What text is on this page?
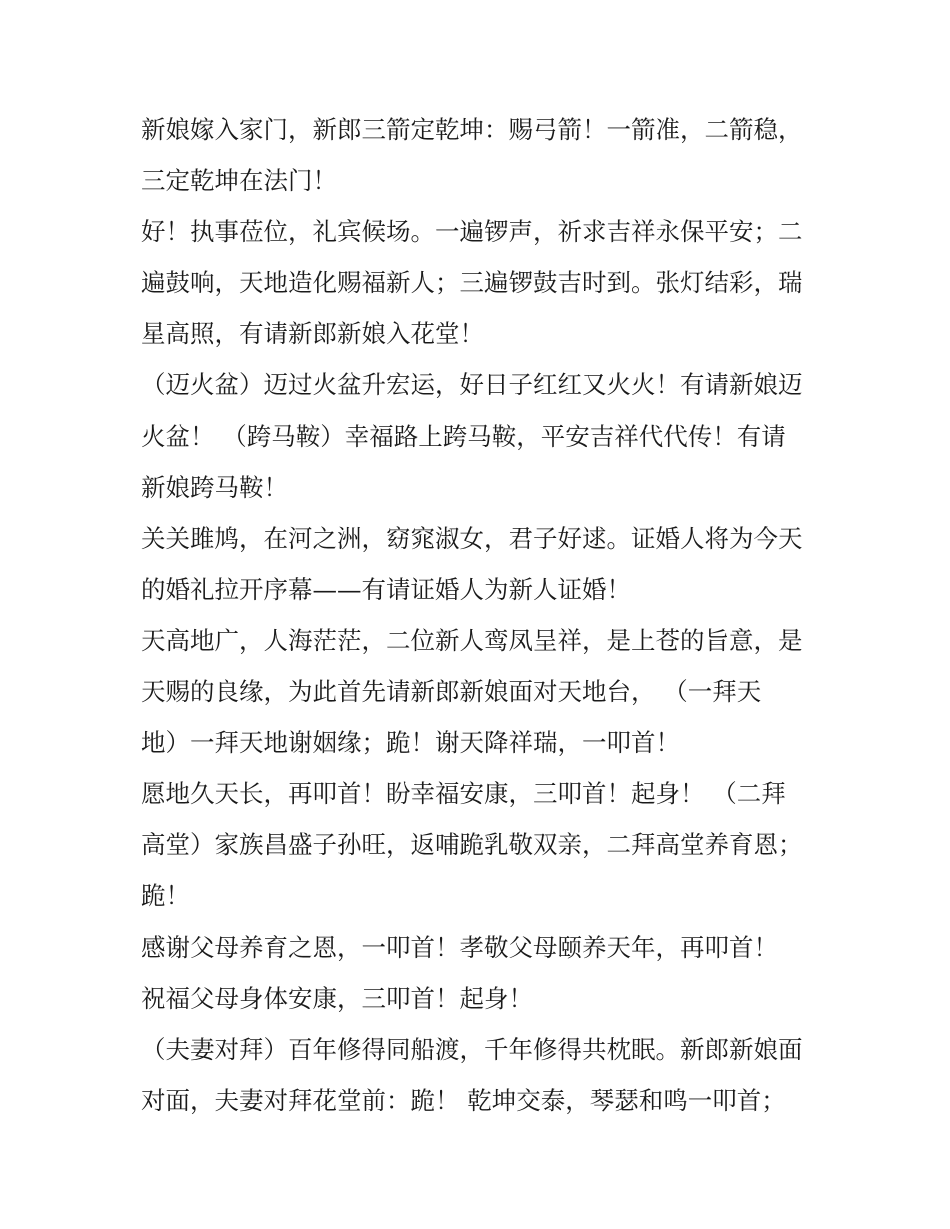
新娘嫁入家门，新郎三箭定乾坤：赐弓箭！一箭准，二箭稳，
三定乾坤在法门！
好！执事莅位，礼宾候场。一遍锣声，祈求吉祥永保平安；二
遍鼓响，天地造化赐福新人；三遍锣鼓吉时到。张灯结彩，瑞
星高照，有请新郎新娘入花堂！
（迈火盆）迈过火盆升宏运，好日子红红又火火！有请新娘迈
火盆！ （跨马鞍）幸福路上跨马鞍，平安吉祥代代传！有请
新娘跨马鞍！
关关雎鸠，在河之洲，窈窕淑女，君子好逑。证婚人将为今天
的婚礼拉开序幕——有请证婚人为新人证婚！
天高地广，人海茫茫，二位新人鸾凤呈祥，是上苍的旨意，是
天赐的良缘，为此首先请新郎新娘面对天地台， （一拜天
地）一拜天地谢姻缘；跪！谢天降祥瑞，一叩首！
愿地久天长，再叩首！盼幸福安康，三叩首！起身！ （二拜
高堂）家族昌盛子孙旺，返哺跪乳敬双亲，二拜高堂养育恩；
跪！
感谢父母养育之恩，一叩首！孝敬父母颐养天年，再叩首！
祝福父母身体安康，三叩首！起身！
（夫妻对拜）百年修得同船渡，千年修得共枕眠。新郎新娘面
对面，夫妻对拜花堂前：跪！ 乾坤交泰，琴瑟和鸣一叩首；
